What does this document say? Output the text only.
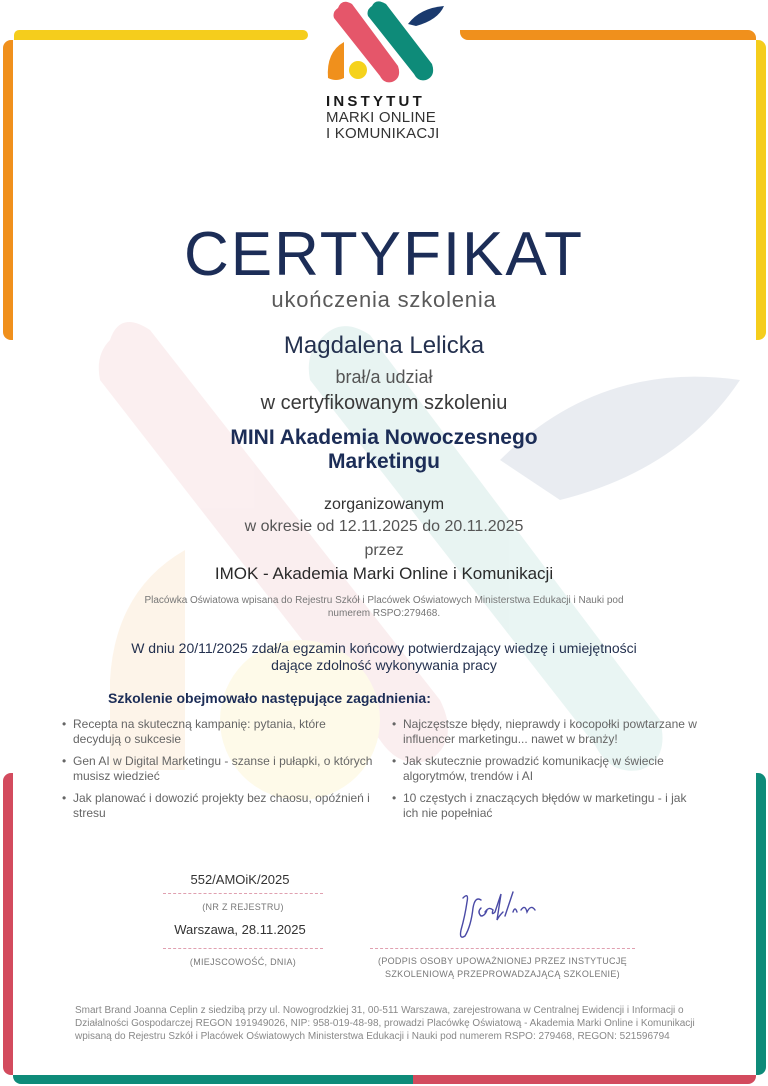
INSTYTUT
MARKI ONLINE
I KOMUNIKACJI
CERTYFIKAT
ukończenia szkolenia
Magdalena Lelicka
brał/a udział
w certyfikowanym szkoleniu
MINI Akademia Nowoczesnego
Marketingu
zorganizowanym
w okresie od 12.11.2025 do 20.11.2025
przez
IMOK - Akademia Marki Online i Komunikacji
Placówka Oświatowa wpisana do Rejestru Szkół i Placówek Oświatowych Ministerstwa Edukacji i Nauki pod numerem RSPO:279468.
W dniu 20/11/2025 zdał/a egzamin końcowy potwierdzający wiedzę i umiejętności dające zdolność wykonywania pracy
Szkolenie obejmowało następujące zagadnienia:
• Recepta na skuteczną kampanię: pytania, które decydują o sukcesie
• Gen AI w Digital Marketingu - szanse i pułapki, o których musisz wiedzieć
• Jak planować i dowozić projekty bez chaosu, opóźnień i stresu
• Najczęstsze błędy, nieprawdy i kocopołki powtarzane w influencer marketingu... nawet w branży!
• Jak skutecznie prowadzić komunikację w świecie algorytmów, trendów i AI
• 10 częstych i znaczących błędów w marketingu - i jak ich nie popełniać
552/AMOiK/2025
(NR Z REJESTRU)
Warszawa, 28.11.2025
(MIEJSCOWOŚĆ, DNIA)	(PODPIS OSOBY UPOWAŻNIONEJ PRZEZ INSTYTUCJĘ
SZKOLENIOWĄ PRZEPROWADZAJĄCĄ SZKOLENIE)
Smart Brand Joanna Ceplin z siedzibą przy ul. Nowogrodzkiej 31, 00-511 Warszawa, zarejestrowana w Centralnej Ewidencji i Informacji o Działalności Gospodarczej REGON 191949026, NIP: 958-019-48-98, prowadzi Placówkę Oświatową - Akademia Marki Online i Komunikacji wpisaną do Rejestru Szkół i Placówek Oświatowych Ministerstwa Edukacji i Nauki pod numerem RSPO: 279468, REGON: 521596794
